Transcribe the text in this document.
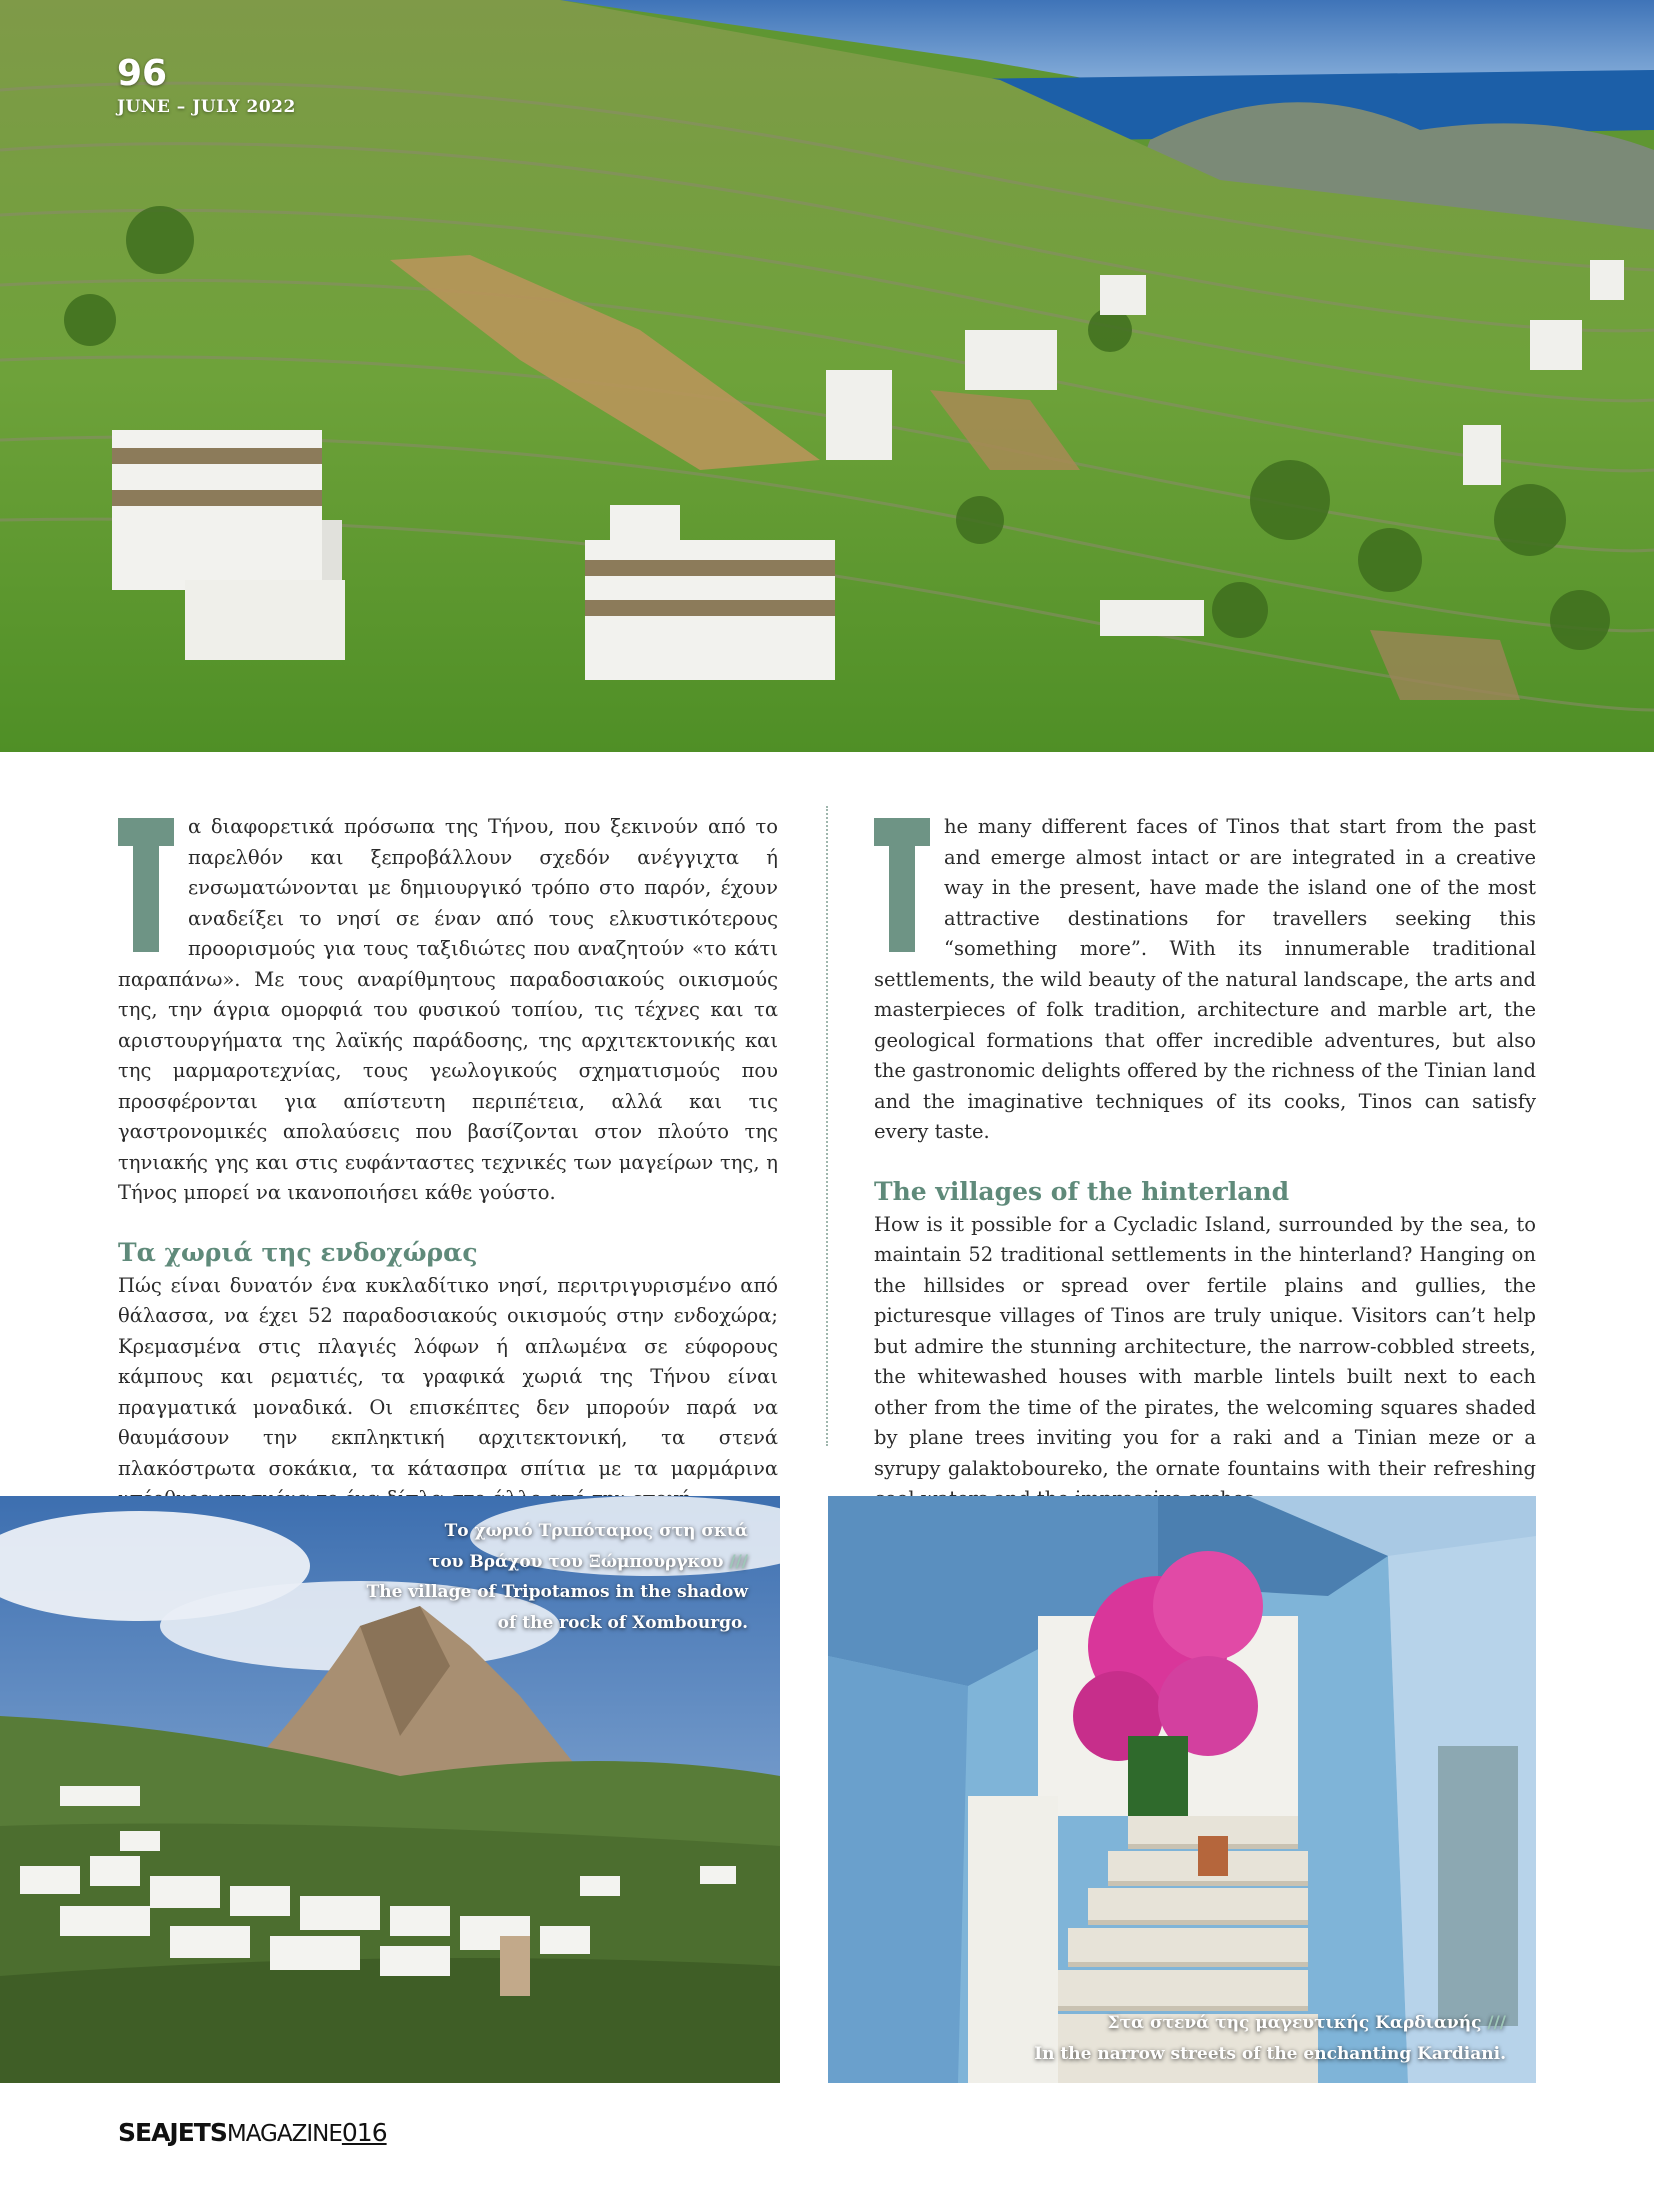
96
JUNE – JULY 2022

α διαφορετικά πρόσωπα της Τήνου, που ξεκινούν από το παρελθόν και ξεπροβάλλουν σχεδόν ανέγγιχτα ή ενσωματώνονται με δημιουργικό τρόπο στο παρόν, έχουν αναδείξει το νησί σε έναν από τους ελκυστικότερους προορισμούς για τους ταξιδιώτες που αναζητούν «το κάτι παραπάνω». Με τους αναρίθμητους παραδοσιακούς οικισμούς της, την άγρια ομορφιά του φυσικού τοπίου, τις τέχνες και τα αριστουργήματα της λαϊκής παράδοσης, της αρχιτεκτονικής και της μαρμαροτεχνίας, τους γεωλογικούς σχηματισμούς που προσφέρονται για απίστευτη περιπέτεια, αλλά και τις γαστρονομικές απολαύσεις που βασίζονται στον πλούτο της τηνιακής γης και στις ευφάνταστες τεχνικές των μαγείρων της, η Τήνος μπορεί να ικανοποιήσει κάθε γούστο.

Τα χωριά της ενδοχώρας

Πώς είναι δυνατόν ένα κυκλαδίτικο νησί, περιτριγυρισμένο από θάλασσα, να έχει 52 παραδοσιακούς οικισμούς στην ενδοχώρα; Κρεμασμένα στις πλαγιές λόφων ή απλωμένα σε εύφορους κάμπους και ρεματιές, τα γραφικά χωριά της Τήνου είναι πραγματικά μοναδικά. Οι επισκέπτες δεν μπορούν παρά να θαυμάσουν την εκπληκτική αρχιτεκτονική, τα στενά πλακόστρωτα σοκάκια, τα κάτασπρα σπίτια με τα μαρμάρινα

he many different faces of Tinos that start from the past and emerge almost intact or are integrated in a creative way in the present, have made the island one of the most attractive destinations for travellers seeking this “something more”. With its innumerable traditional settlements, the wild beauty of the natural landscape, the arts and masterpieces of folk tradition, architecture and marble art, the geological formations that offer incredible adventures, but also the gastronomic delights offered by the richness of the Tinian land and the imaginative techniques of its cooks, Tinos can satisfy every taste.

The villages of the hinterland

How is it possible for a Cycladic Island, surrounded by the sea, to maintain 52 traditional settlements in the hinterland? Hanging on the hillsides or spread over fertile plains and gullies, the picturesque villages of Tinos are truly unique. Visitors can’t help but admire the stunning architecture, the narrow-cobbled streets, the whitewashed houses with marble lintels built next to each other from the time of the pirates, the welcoming squares shaded by plane trees inviting you for a raki and a Tinian meze or a syrupy galaktoboureko, the ornate fountains with their refreshing

Το χωριό Τριπόταμος στη σκιά
του Βράχου του Ξώμπουργκου ///
The village of Tripotamos in the shadow
of the rock of Xombourgo.
Στα στενά της μαγευτικής Καρδιανής ///
In the narrow streets of the enchanting Kardiani.
SEAJETSMAGAZINE016
